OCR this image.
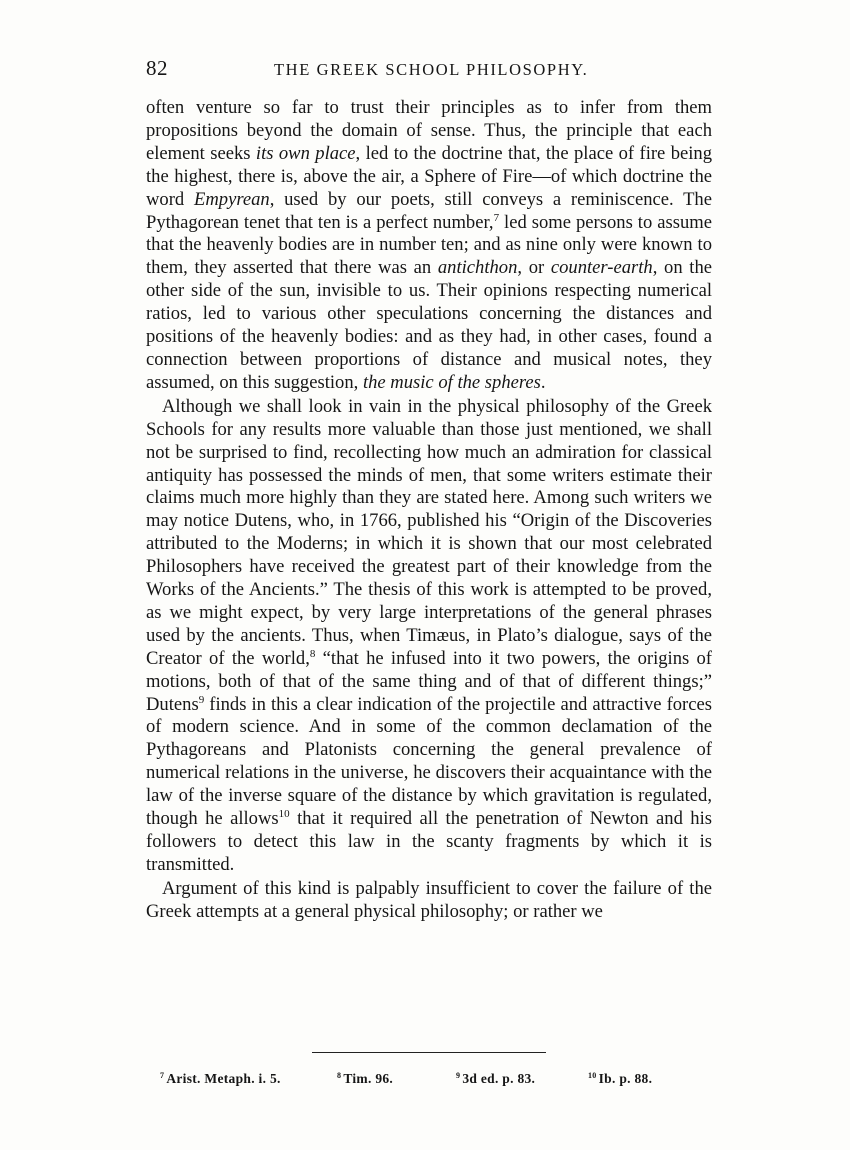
82	THE GREEK SCHOOL PHILOSOPHY.

often venture so far to trust their principles as to infer from them propositions beyond the domain of sense. Thus, the principle that each element seeks its own place, led to the doctrine that, the place of fire being the highest, there is, above the air, a Sphere of Fire—of which doctrine the word Empyrean, used by our poets, still conveys a reminiscence. The Pythagorean tenet that ten is a perfect number,$^7$ led some persons to assume that the heavenly bodies are in number ten; and as nine only were known to them, they asserted that there was an antichthon, or counter-earth, on the other side of the sun, invisible to us. Their opinions respecting numerical ratios, led to various other speculations concerning the distances and positions of the heavenly bodies: and as they had, in other cases, found a connection between proportions of distance and musical notes, they assumed, on this suggestion, the music of the spheres.

Although we shall look in vain in the physical philosophy of the Greek Schools for any results more valuable than those just mentioned, we shall not be surprised to find, recollecting how much an admiration for classical antiquity has possessed the minds of men, that some writers estimate their claims much more highly than they are stated here. Among such writers we may notice Dutens, who, in 1766, published his “Origin of the Discoveries attributed to the Moderns; in which it is shown that our most celebrated Philosophers have received the greatest part of their knowledge from the Works of the Ancients.” The thesis of this work is attempted to be proved, as we might expect, by very large interpretations of the general phrases used by the ancients. Thus, when Timæus, in Plato’s dialogue, says of the Creator of the world,$^8$ “that he infused into it two powers, the origins of motions, both of that of the same thing and of that of different things;” Dutens$^9$ finds in this a clear indication of the projectile and attractive forces of modern science. And in some of the common declamation of the Pythagoreans and Platonists concerning the general prevalence of numerical relations in the universe, he discovers their acquaintance with the law of the inverse square of the distance by which gravitation is regulated, though he allows$^{10}$ that it required all the penetration of Newton and his followers to detect this law in the scanty fragments by which it is transmitted.

Argument of this kind is palpably insufficient to cover the failure of the Greek attempts at a general physical philosophy; or rather we

$^7$ Arist. Metaph. i. 5.	$^8$ Tim. 96.	$^9$ 3d ed. p. 83.	$^{10}$ Ib. p. 88.
